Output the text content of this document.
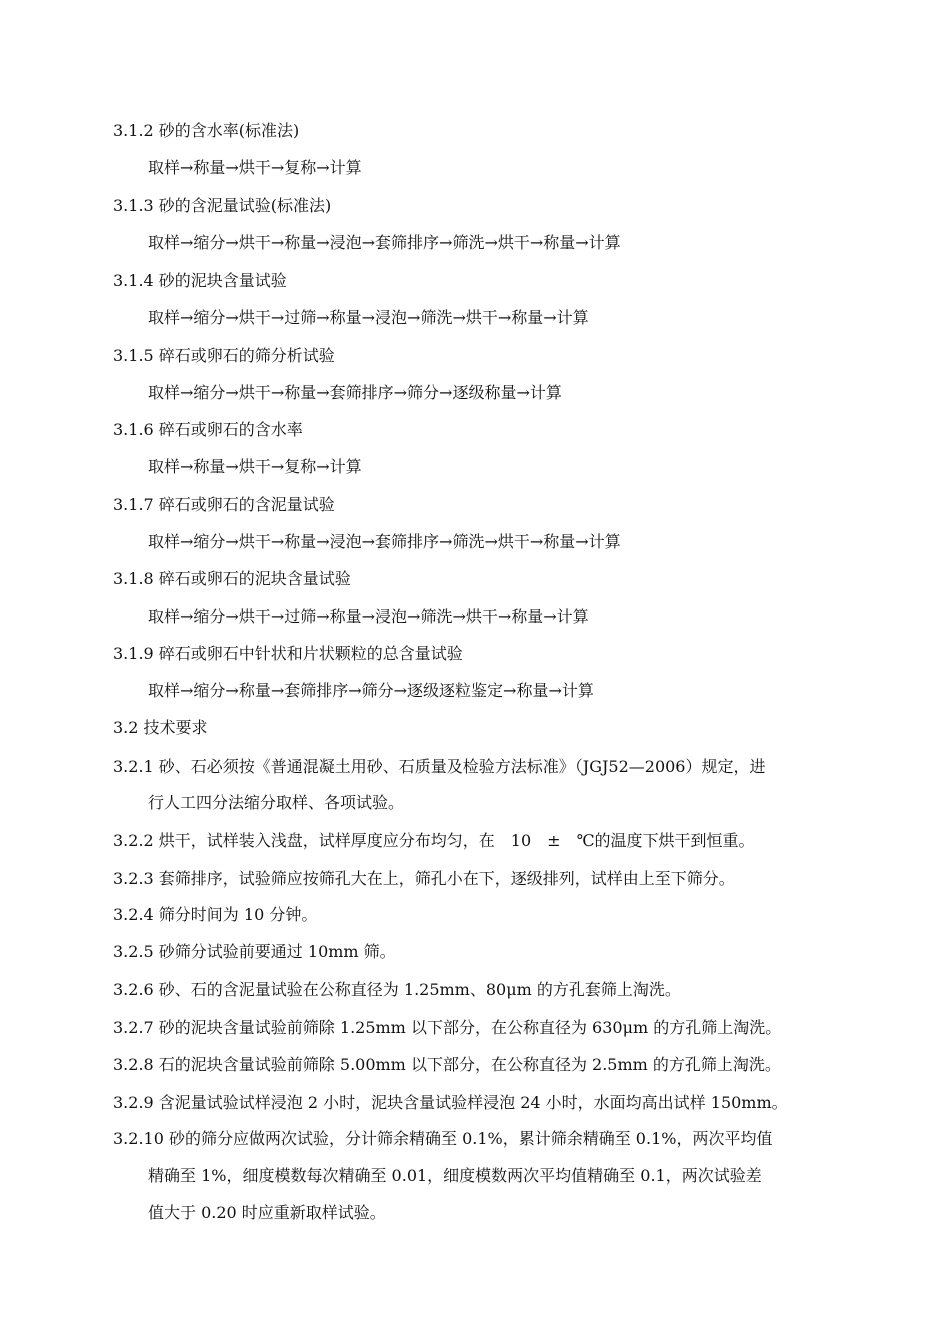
3.1.2 砂的含水率(标准法)
取样→称量→烘干→复称→计算
3.1.3 砂的含泥量试验(标准法)
取样→缩分→烘干→称量→浸泡→套筛排序→筛洗→烘干→称量→计算
3.1.4 砂的泥块含量试验
取样→缩分→烘干→过筛→称量→浸泡→筛洗→烘干→称量→计算
3.1.5 碎石或卵石的筛分析试验
取样→缩分→烘干→称量→套筛排序→筛分→逐级称量→计算
3.1.6 碎石或卵石的含水率
取样→称量→烘干→复称→计算
3.1.7 碎石或卵石的含泥量试验
取样→缩分→烘干→称量→浸泡→套筛排序→筛洗→烘干→称量→计算
3.1.8 碎石或卵石的泥块含量试验
取样→缩分→烘干→过筛→称量→浸泡→筛洗→烘干→称量→计算
3.1.9 碎石或卵石中针状和片状颗粒的总含量试验
取样→缩分→称量→套筛排序→筛分→逐级逐粒鉴定→称量→计算
3.2 技术要求
3.2.1 砂、石必须按《普通混凝土用砂、石质量及检验方法标准》（JGJ52—2006）规定，进
行人工四分法缩分取样、各项试验。
3.2.2 烘干，试样装入浅盘，试样厚度应分布均匀，在　10　±　℃的温度下烘干到恒重。
3.2.3 套筛排序，试验筛应按筛孔大在上，筛孔小在下，逐级排列，试样由上至下筛分。
3.2.4 筛分时间为 10 分钟。
3.2.5 砂筛分试验前要通过 10mm 筛。
3.2.6 砂、石的含泥量试验在公称直径为 1.25mm、80μm 的方孔套筛上淘洗。
3.2.7 砂的泥块含量试验前筛除 1.25mm 以下部分，在公称直径为 630μm 的方孔筛上淘洗。
3.2.8 石的泥块含量试验前筛除 5.00mm 以下部分，在公称直径为 2.5mm 的方孔筛上淘洗。
3.2.9 含泥量试验试样浸泡 2 小时，泥块含量试验样浸泡 24 小时，水面均高出试样 150mm。
3.2.10 砂的筛分应做两次试验，分计筛余精确至 0.1%，累计筛余精确至 0.1%，两次平均值
精确至 1%，细度模数每次精确至 0.01，细度模数两次平均值精确至 0.1，两次试验差
值大于 0.20 时应重新取样试验。
